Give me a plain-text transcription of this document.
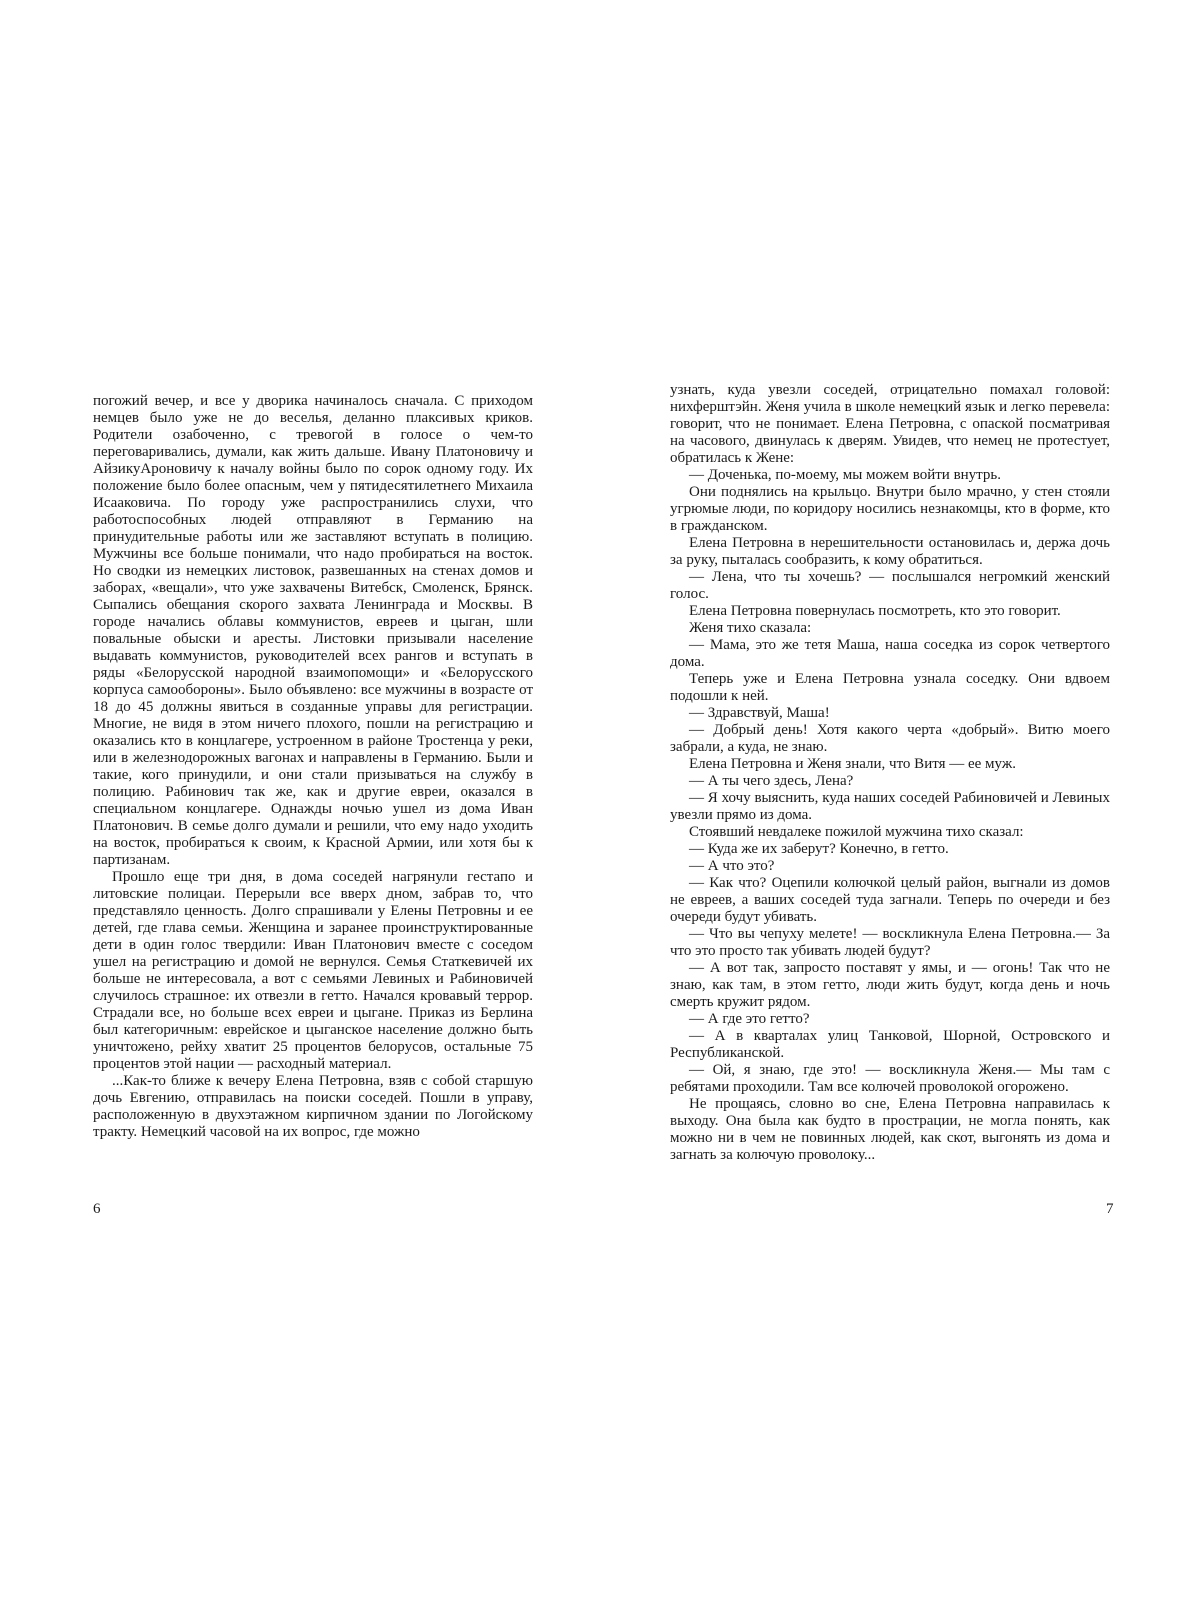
погожий вечер, и все у дворика начиналось сначала. С приходом немцев было уже не до веселья, деланно плаксивых криков. Родители озабоченно, с тревогой в голосе о чем-то переговаривались, думали, как жить дальше. Ивану Платоновичу и АйзикуАроновичу к началу войны было по сорок одному году. Их положение было более опасным, чем у пятидесятилетнего Михаила Исааковича. По городу уже распространились слухи, что работоспособных людей отправляют в Германию на принудительные работы или же заставляют вступать в полицию. Мужчины все больше понимали, что надо пробираться на восток. Но сводки из немецких листовок, развешанных на стенах домов и заборах, «вещали», что уже захвачены Витебск, Смоленск, Брянск. Сыпались обещания скорого захвата Ленинграда и Москвы. В городе начались облавы коммунистов, евреев и цыган, шли повальные обыски и аресты. Листовки призывали население выдавать коммунистов, руководителей всех рангов и вступать в ряды «Белорусской народной взаимопомощи» и «Белорусского корпуса самообороны». Было объявлено: все мужчины в возрасте от 18 до 45 должны явиться в созданные управы для регистрации. Многие, не видя в этом ничего плохого, пошли на регистрацию и оказались кто в концлагере, устроенном в районе Тростенца у реки, или в железнодорожных вагонах и направлены в Германию. Были и такие, кого принудили, и они стали призываться на службу в полицию. Рабинович так же, как и другие евреи, оказался в специальном концлагере. Однажды ночью ушел из дома Иван Платонович. В семье долго думали и решили, что ему надо уходить на восток, пробираться к своим, к Красной Армии, или хотя бы к партизанам.

Прошло еще три дня, в дома соседей нагрянули гестапо и литовские полицаи. Перерыли все вверх дном, забрав то, что представляло ценность. Долго спрашивали у Елены Петровны и ее детей, где глава семьи. Женщина и заранее проинструктированные дети в один голос твердили: Иван Платонович вместе с соседом ушел на регистрацию и домой не вернулся. Семья Статкевичей их больше не интересовала, а вот с семьями Левиных и Рабиновичей случилось страшное: их отвезли в гетто. Начался кровавый террор. Страдали все, но больше всех евреи и цыгане. Приказ из Берлина был категоричным: еврейское и цыганское население должно быть уничтожено, рейху хватит 25 процентов белорусов, остальные 75 процентов этой нации — расходный материал.

...Как-то ближе к вечеру Елена Петровна, взяв с собой старшую дочь Евгению, отправилась на поиски соседей. Пошли в управу, расположенную в двухэтажном кирпичном здании по Логойскому тракту. Немецкий часовой на их вопрос, где можно

6

узнать, куда увезли соседей, отрицательно помахал головой: нихферштэйн. Женя учила в школе немецкий язык и легко перевела: говорит, что не понимает. Елена Петровна, с опаской посматривая на часового, двинулась к дверям. Увидев, что немец не протестует, обратилась к Жене:

— Доченька, по-моему, мы можем войти внутрь.

Они поднялись на крыльцо. Внутри было мрачно, у стен стояли угрюмые люди, по коридору носились незнакомцы, кто в форме, кто в гражданском.

Елена Петровна в нерешительности остановилась и, держа дочь за руку, пыталась сообразить, к кому обратиться.

— Лена, что ты хочешь? — послышался негромкий женский голос.

Елена Петровна повернулась посмотреть, кто это говорит.

Женя тихо сказала:

— Мама, это же тетя Маша, наша соседка из сорок четвертого дома.

Теперь уже и Елена Петровна узнала соседку. Они вдвоем подошли к ней.

— Здравствуй, Маша!

— Добрый день! Хотя какого черта «добрый». Витю моего забрали, а куда, не знаю.

Елена Петровна и Женя знали, что Витя — ее муж.

— А ты чего здесь, Лена?

— Я хочу выяснить, куда наших соседей Рабиновичей и Левиных увезли прямо из дома.

Стоявший невдалеке пожилой мужчина тихо сказал:

— Куда же их заберут? Конечно, в гетто.

— А что это?

— Как что? Оцепили колючкой целый район, выгнали из домов не евреев, а ваших соседей туда загнали. Теперь по очереди и без очереди будут убивать.

— Что вы чепуху мелете! — воскликнула Елена Петровна.— За что это просто так убивать людей будут?

— А вот так, запросто поставят у ямы, и — огонь! Так что не знаю, как там, в этом гетто, люди жить будут, когда день и ночь смерть кружит рядом.

— А где это гетто?

— А в кварталах улиц Танковой, Шорной, Островского и Республиканской.

— Ой, я знаю, где это! — воскликнула Женя.— Мы там с ребятами проходили. Там все колючей проволокой огорожено.

Не прощаясь, словно во сне, Елена Петровна направилась к выходу. Она была как будто в прострации, не могла понять, как можно ни в чем не повинных людей, как скот, выгонять из дома и загнать за колючую проволоку...

7
